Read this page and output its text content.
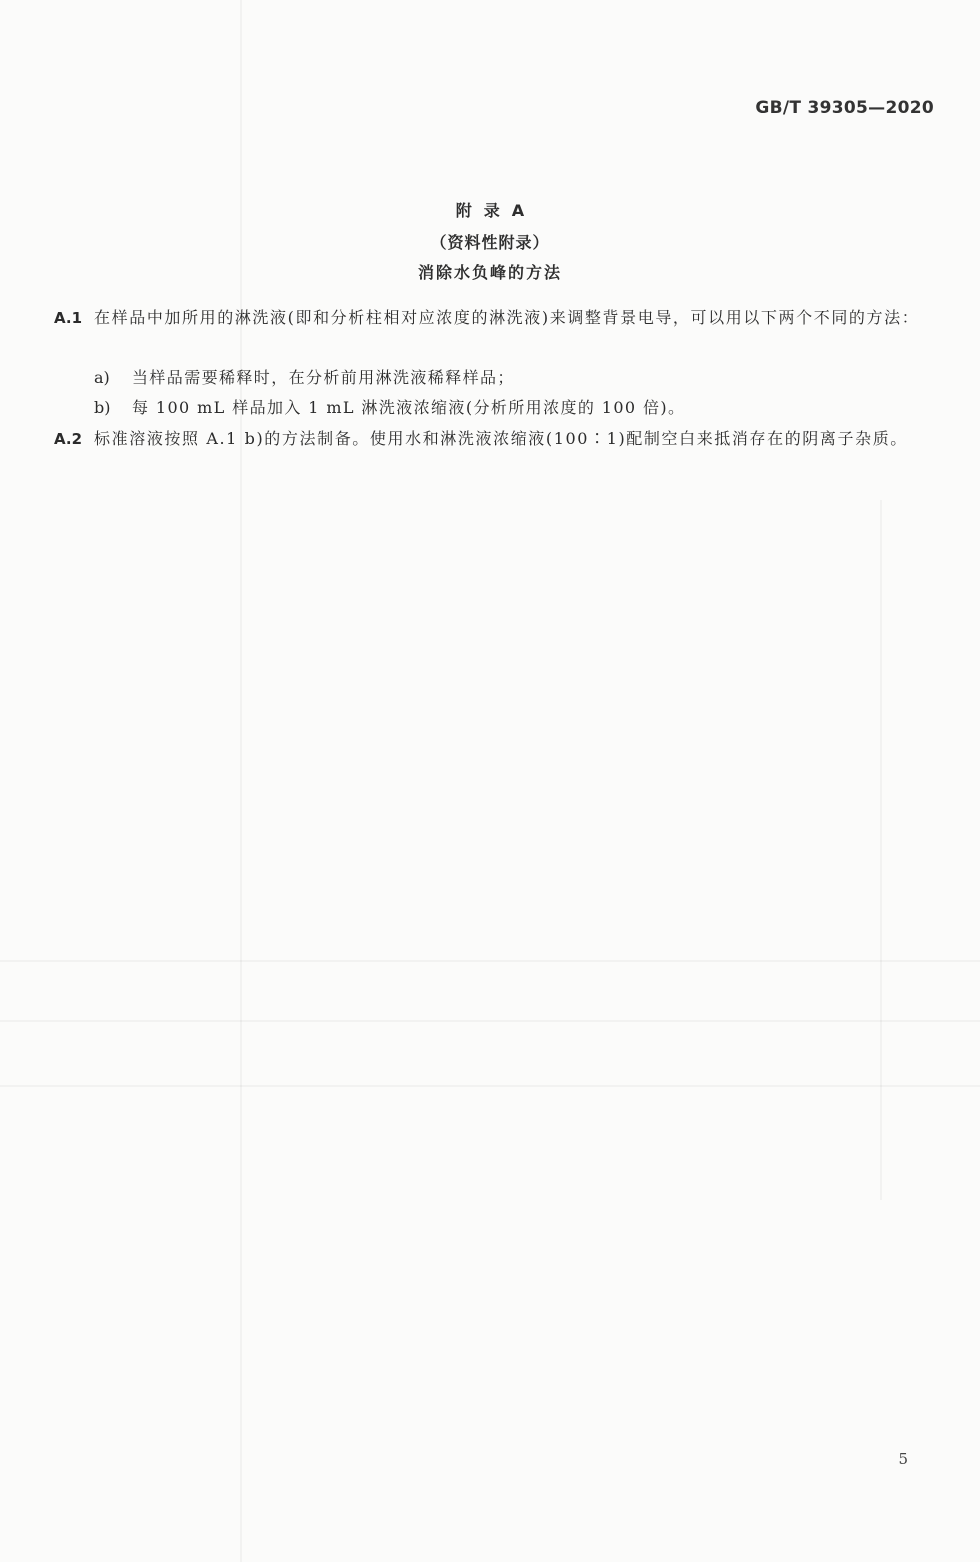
GB/T 39305—2020
附录A
（资料性附录）
消除水负峰的方法
A.1 在样品中加所用的淋洗液(即和分析柱相对应浓度的淋洗液)来调整背景电导，可以用以下两个不同的方法：
a) 当样品需要稀释时，在分析前用淋洗液稀释样品；
b) 每 100 mL 样品加入 1 mL 淋洗液浓缩液(分析所用浓度的 100 倍)。
A.2 标准溶液按照 A.1 b)的方法制备。使用水和淋洗液浓缩液(100∶1)配制空白来抵消存在的阴离子杂质。
5
